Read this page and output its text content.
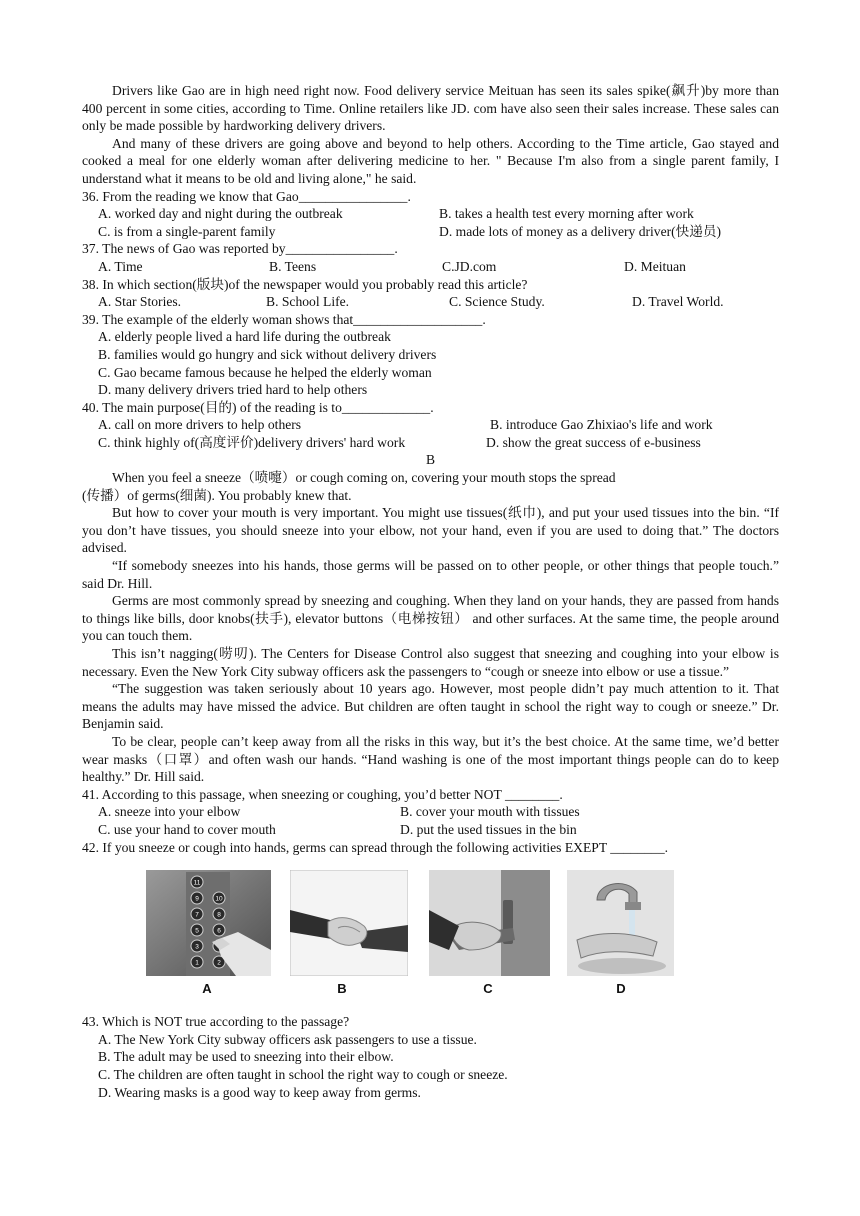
Drivers like Gao are in high need right now. Food delivery service Meituan has seen its sales spike(飙升)by more than 400 percent in some cities, according to Time. Online retailers like JD. com have also seen their sales increase. These sales can only be made possible by hardworking delivery drivers.

And many of these drivers are going above and beyond to help others. According to the Time article, Gao stayed and cooked a meal for one elderly woman after delivering medicine to her. " Because I'm also from a single parent family, I understand what it means to be old and living alone," he said.

36. From the reading we know that Gao________________.

A. worked day and night during the outbreak	B. takes a health test every morning after work
C. is from a single-parent family	D. made lots of money as a delivery driver(快递员)

37. The news of Gao was reported by________________.

A. Time	B. Teens	C.JD.com	D. Meituan

38. In which section(版块)of the newspaper would you probably read this article?

A. Star Stories.	B. School Life.	C. Science Study.	D. Travel World.

39. The example of the elderly woman shows that___________________.

A. elderly people lived a hard life during the outbreak

B. families would go hungry and sick without delivery drivers

C. Gao became famous because he helped the elderly woman

D. many delivery drivers tried hard to help others

40. The main purpose(目的) of the reading is to_____________.

A. call on more drivers to help others	B. introduce Gao Zhixiao's life and work
C. think highly of(高度评价)delivery drivers' hard work	D. show the great success of e-business

B

When you feel a sneeze（喷嚏）or cough coming on, covering your mouth stops the spread

(传播）of germs(细菌). You probably knew that.

But how to cover your mouth is very important. You might use tissues(纸巾), and put your used tissues into the bin. “If you don’t have tissues, you should sneeze into your elbow, not your hand, even if you are used to doing that.” The doctors advised.

“If somebody sneezes into his hands, those germs will be passed on to other people, or other things that people touch.” said Dr. Hill.

Germs are most commonly spread by sneezing and coughing. When they land on your hands, they are passed from hands to things like bills, door knobs(扶手), elevator buttons（电梯按钮） and other surfaces. At the same time, the people around you can touch them.

This isn’t nagging(唠叨). The Centers for Disease Control also suggest that sneezing and coughing into your elbow is necessary. Even the New York City subway officers ask the passengers to “cough or sneeze into elbow or use a tissue.”

“The suggestion was taken seriously about 10 years ago. However, most people didn’t pay much attention to it. That means the adults may have missed the advice. But children are often taught in school the right way to cough or sneeze.” Dr. Benjamin said.

To be clear, people can’t keep away from all the risks in this way, but it’s the best choice. At the same time, we’d better wear masks（口罩）and often wash our hands. “Hand washing is one of the most important things people can do to keep healthy.” Dr. Hill said.

41. According to this passage, when sneezing or coughing, you’d better NOT ________.

A. sneeze into your elbow	B. cover your mouth with tissues
C. use your hand to cover mouth	D. put the used tissues in the bin

42. If you sneeze or cough into hands, germs can spread through the following activities EXEPT ________.

11
9	10
7	8
5	6
3
1	2
A	B	C	D

43. Which is NOT true according to the passage?

A. The New York City subway officers ask passengers to use a tissue.

B. The adult may be used to sneezing into their elbow.

C. The children are often taught in school the right way to cough or sneeze.

D. Wearing masks is a good way to keep away from germs.
